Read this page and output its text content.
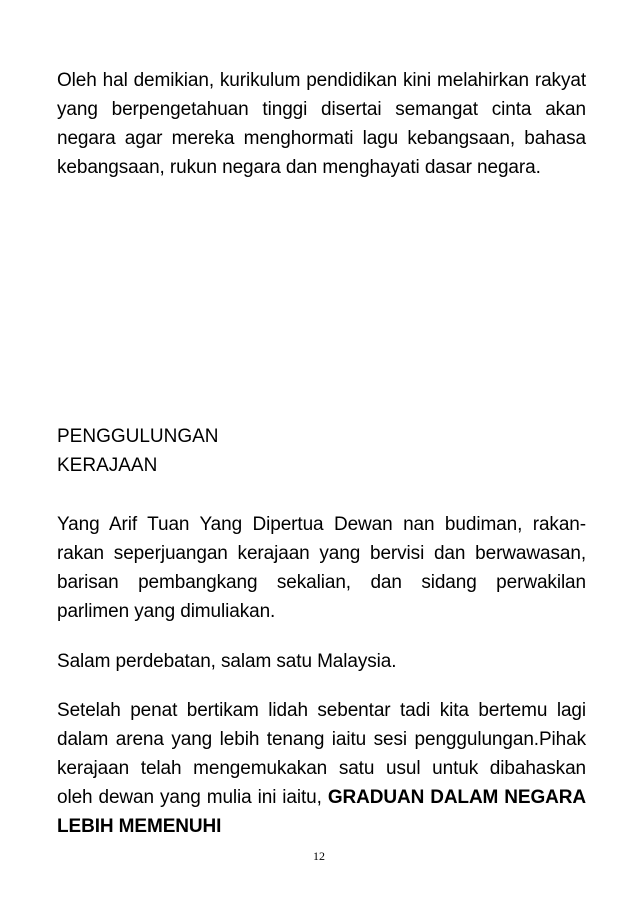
Oleh hal demikian, kurikulum pendidikan kini melahirkan rakyat yang berpengetahuan tinggi disertai semangat cinta akan negara agar mereka menghormati lagu kebangsaan, bahasa kebangsaan, rukun negara dan menghayati dasar negara.

PENGGULUNGAN
KERAJAAN

Yang Arif Tuan Yang Dipertua Dewan nan budiman, rakan-rakan seperjuangan kerajaan yang bervisi dan berwawasan, barisan pembangkang sekalian, dan sidang perwakilan parlimen yang dimuliakan.

Salam perdebatan, salam satu Malaysia.

Setelah penat bertikam lidah sebentar tadi kita bertemu lagi dalam arena yang lebih tenang iaitu sesi penggulungan.Pihak kerajaan telah mengemukakan satu usul untuk dibahaskan oleh dewan yang mulia ini iaitu, GRADUAN DALAM NEGARA LEBIH MEMENUHI

12
